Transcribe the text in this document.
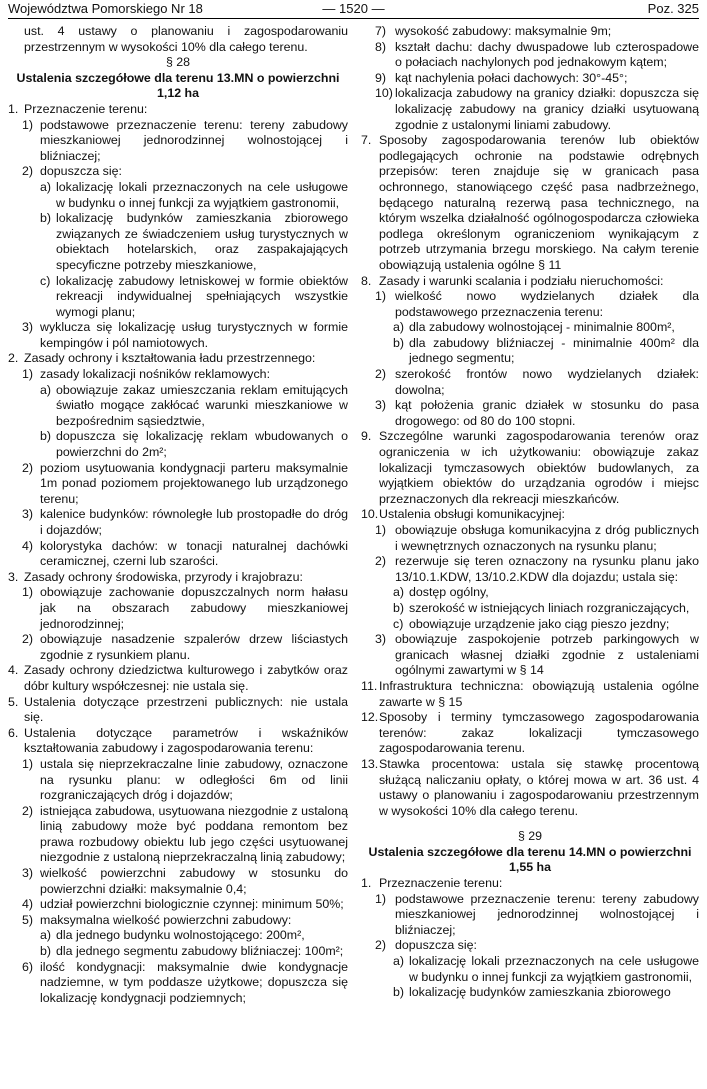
Województwa Pomorskiego Nr 18	— 1520 —	Poz. 325

ust. 4 ustawy o planowaniu i zagospodarowaniu przestrzennym w wysokości 10% dla całego terenu.

§ 28

Ustalenia szczegółowe dla terenu 13.MN o powierzchni 1,12 ha

1. Przeznaczenie terenu:
1) podstawowe przeznaczenie terenu: tereny zabudowy mieszkaniowej jednorodzinnej wolnostojącej i bliźniaczej;
2) dopuszcza się:
a) lokalizację lokali przeznaczonych na cele usługowe w budynku o innej funkcji za wyjątkiem gastronomii,
b) lokalizację budynków zamieszkania zbiorowego związanych ze świadczeniem usług turystycznych w obiektach hotelarskich, oraz zaspakajających specyficzne potrzeby mieszkaniowe,
c) lokalizację zabudowy letniskowej w formie obiektów rekreacji indywidualnej spełniających wszystkie wymogi planu;
3) wyklucza się lokalizację usług turystycznych w formie kempingów i pól namiotowych.
2. Zasady ochrony i kształtowania ładu przestrzennego:
1) zasady lokalizacji nośników reklamowych:
a) obowiązuje zakaz umieszczania reklam emitujących światło mogące zakłócać warunki mieszkaniowe w bezpośrednim sąsiedztwie,
b) dopuszcza się lokalizację reklam wbudowanych o powierzchni do 2m²;
2) poziom usytuowania kondygnacji parteru maksymalnie 1m ponad poziomem projektowanego lub urządzonego terenu;
3) kalenice budynków: równoległe lub prostopadłe do dróg i dojazdów;
4) kolorystyka dachów: w tonacji naturalnej dachówki ceramicznej, czerni lub szarości.
3. Zasady ochrony środowiska, przyrody i krajobrazu:
1) obowiązuje zachowanie dopuszczalnych norm hałasu jak na obszarach zabudowy mieszkaniowej jednorodzinnej;
2) obowiązuje nasadzenie szpalerów drzew liściastych zgodnie z rysunkiem planu.
4. Zasady ochrony dziedzictwa kulturowego i zabytków oraz dóbr kultury współczesnej: nie ustala się.
5. Ustalenia dotyczące przestrzeni publicznych: nie ustala się.
6. Ustalenia dotyczące parametrów i wskaźników kształtowania zabudowy i zagospodarowania terenu:
1) ustala się nieprzekraczalne linie zabudowy, oznaczone na rysunku planu: w odległości 6m od linii rozgraniczających dróg i dojazdów;
2) istniejąca zabudowa, usytuowana niezgodnie z ustaloną linią zabudowy może być poddana remontom bez prawa rozbudowy obiektu lub jego części usytuowanej niezgodnie z ustaloną nieprzekraczalną linią zabudowy;
3) wielkość powierzchni zabudowy w stosunku do powierzchni działki: maksymalnie 0,4;
4) udział powierzchni biologicznie czynnej: minimum 50%;
5) maksymalna wielkość powierzchni zabudowy:
a) dla jednego budynku wolnostojącego: 200m²,
b) dla jednego segmentu zabudowy bliźniaczej: 100m²;
6) ilość kondygnacji: maksymalnie dwie kondygnacje nadziemne, w tym poddasze użytkowe; dopuszcza się lokalizację kondygnacji podziemnych;
7) wysokość zabudowy: maksymalnie 9m;
8) kształt dachu: dachy dwuspadowe lub czterospadowe o połaciach nachylonych pod jednakowym kątem;
9) kąt nachylenia połaci dachowych: 30°-45°;
10) lokalizacja zabudowy na granicy działki: dopuszcza się lokalizację zabudowy na granicy działki usytuowaną zgodnie z ustalonymi liniami zabudowy.
7. Sposoby zagospodarowania terenów lub obiektów podlegających ochronie na podstawie odrębnych przepisów: teren znajduje się w granicach pasa ochronnego, stanowiącego część pasa nadbrzeżnego, będącego naturalną rezerwą pasa technicznego, na którym wszelka działalność ogólnogospodarcza człowieka podlega określonym ograniczeniom wynikającym z potrzeb utrzymania brzegu morskiego. Na całym terenie obowiązują ustalenia ogólne § 11
8. Zasady i warunki scalania i podziału nieruchomości:
1) wielkość nowo wydzielanych działek dla podstawowego przeznaczenia terenu:
a) dla zabudowy wolnostojącej - minimalnie 800m²,
b) dla zabudowy bliźniaczej - minimalnie 400m² dla jednego segmentu;
2) szerokość frontów nowo wydzielanych działek: dowolna;
3) kąt położenia granic działek w stosunku do pasa drogowego: od 80 do 100 stopni.
9. Szczególne warunki zagospodarowania terenów oraz ograniczenia w ich użytkowaniu: obowiązuje zakaz lokalizacji tymczasowych obiektów budowlanych, za wyjątkiem obiektów do urządzania ogrodów i miejsc przeznaczonych dla rekreacji mieszkańców.
10. Ustalenia obsługi komunikacyjnej:
1) obowiązuje obsługa komunikacyjna z dróg publicznych i wewnętrznych oznaczonych na rysunku planu;
2) rezerwuje się teren oznaczony na rysunku planu jako 13/10.1.KDW, 13/10.2.KDW dla dojazdu; ustala się:
a) dostęp ogólny,
b) szerokość w istniejących liniach rozgraniczających,
c) obowiązuje urządzenie jako ciąg pieszo jezdny;
3) obowiązuje zaspokojenie potrzeb parkingowych w granicach własnej działki zgodnie z ustaleniami ogólnymi zawartymi w § 14
11. Infrastruktura techniczna: obowiązują ustalenia ogólne zawarte w § 15
12. Sposoby i terminy tymczasowego zagospodarowania terenów: zakaz lokalizacji tymczasowego zagospodarowania terenu.
13. Stawka procentowa: ustala się stawkę procentową służącą naliczaniu opłaty, o której mowa w art. 36 ust. 4 ustawy o planowaniu i zagospodarowaniu przestrzennym w wysokości 10% dla całego terenu.

§ 29

Ustalenia szczegółowe dla terenu 14.MN o powierzchni 1,55 ha

1. Przeznaczenie terenu:
1) podstawowe przeznaczenie terenu: tereny zabudowy mieszkaniowej jednorodzinnej wolnostojącej i bliźniaczej;
2) dopuszcza się:
a) lokalizację lokali przeznaczonych na cele usługowe w budynku o innej funkcji za wyjątkiem gastronomii,
b) lokalizację budynków zamieszkania zbiorowego
